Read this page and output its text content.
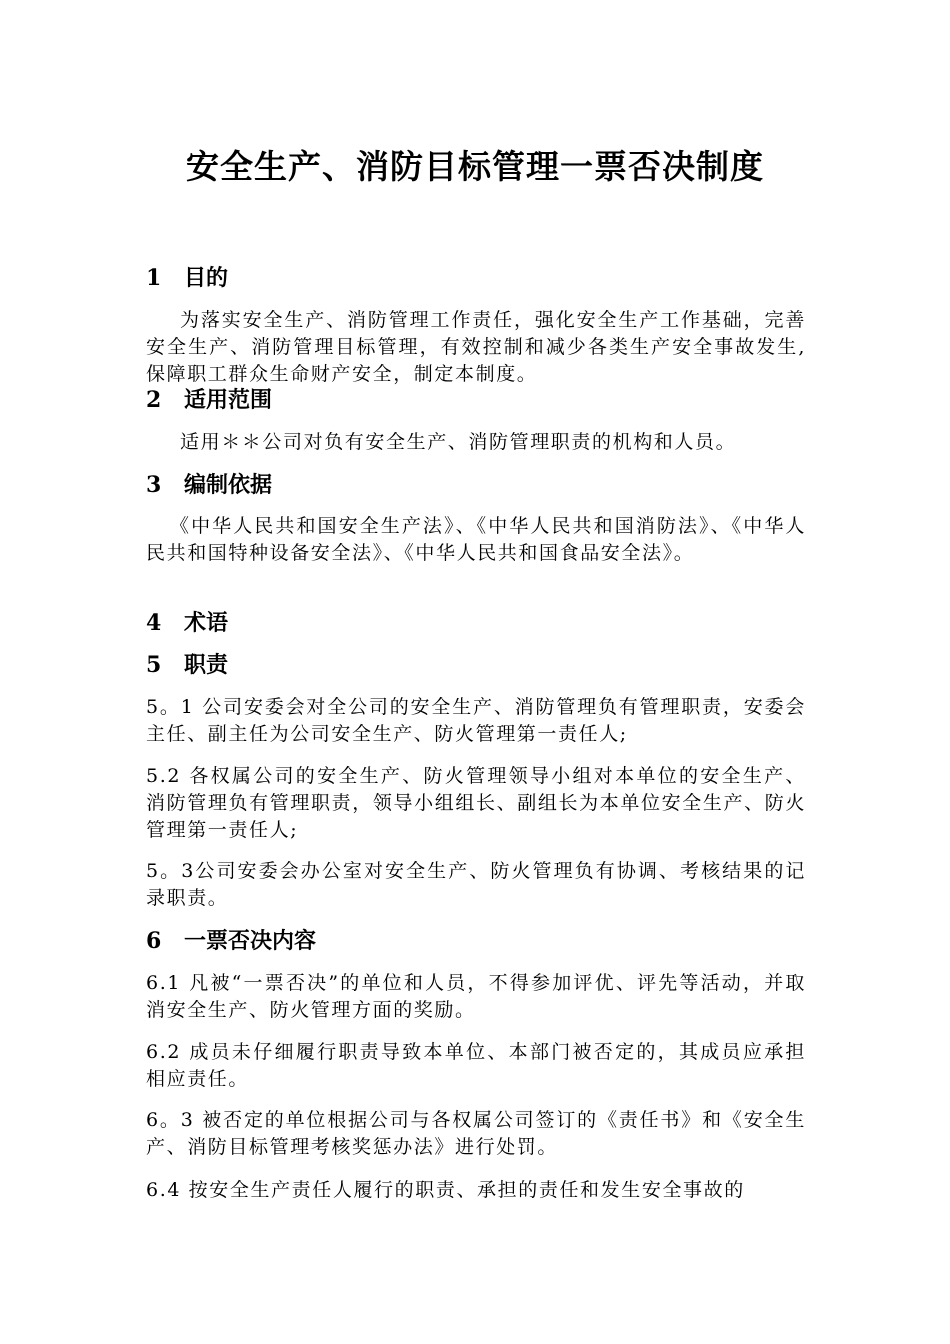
安全生产、消防目标管理一票否决制度
1 目的
为落实安全生产、消防管理工作责任，强化安全生产工作基础，完善安全生产、消防管理目标管理，有效控制和减少各类生产安全事故发生,保障职工群众生命财产安全，制定本制度。
2 适用范围
适用＊＊公司对负有安全生产、消防管理职责的机构和人员。
3 编制依据
《中华人民共和国安全生产法》、《中华人民共和国消防法》、《中华人民共和国特种设备安全法》、《中华人民共和国食品安全法》。
4 术语
5 职责
5。1 公司安委会对全公司的安全生产、消防管理负有管理职责，安委会主任、副主任为公司安全生产、防火管理第一责任人;
5.2 各权属公司的安全生产、防火管理领导小组对本单位的安全生产、消防管理负有管理职责，领导小组组长、副组长为本单位安全生产、防火管理第一责任人;
5。3公司安委会办公室对安全生产、防火管理负有协调、考核结果的记录职责。
6 一票否决内容
6.1 凡被“一票否决”的单位和人员，不得参加评优、评先等活动，并取消安全生产、防火管理方面的奖励。
6.2 成员未仔细履行职责导致本单位、本部门被否定的，其成员应承担相应责任。
6。3 被否定的单位根据公司与各权属公司签订的《责任书》和《安全生产、消防目标管理考核奖惩办法》进行处罚。
6.4 按安全生产责任人履行的职责、承担的责任和发生安全事故的
